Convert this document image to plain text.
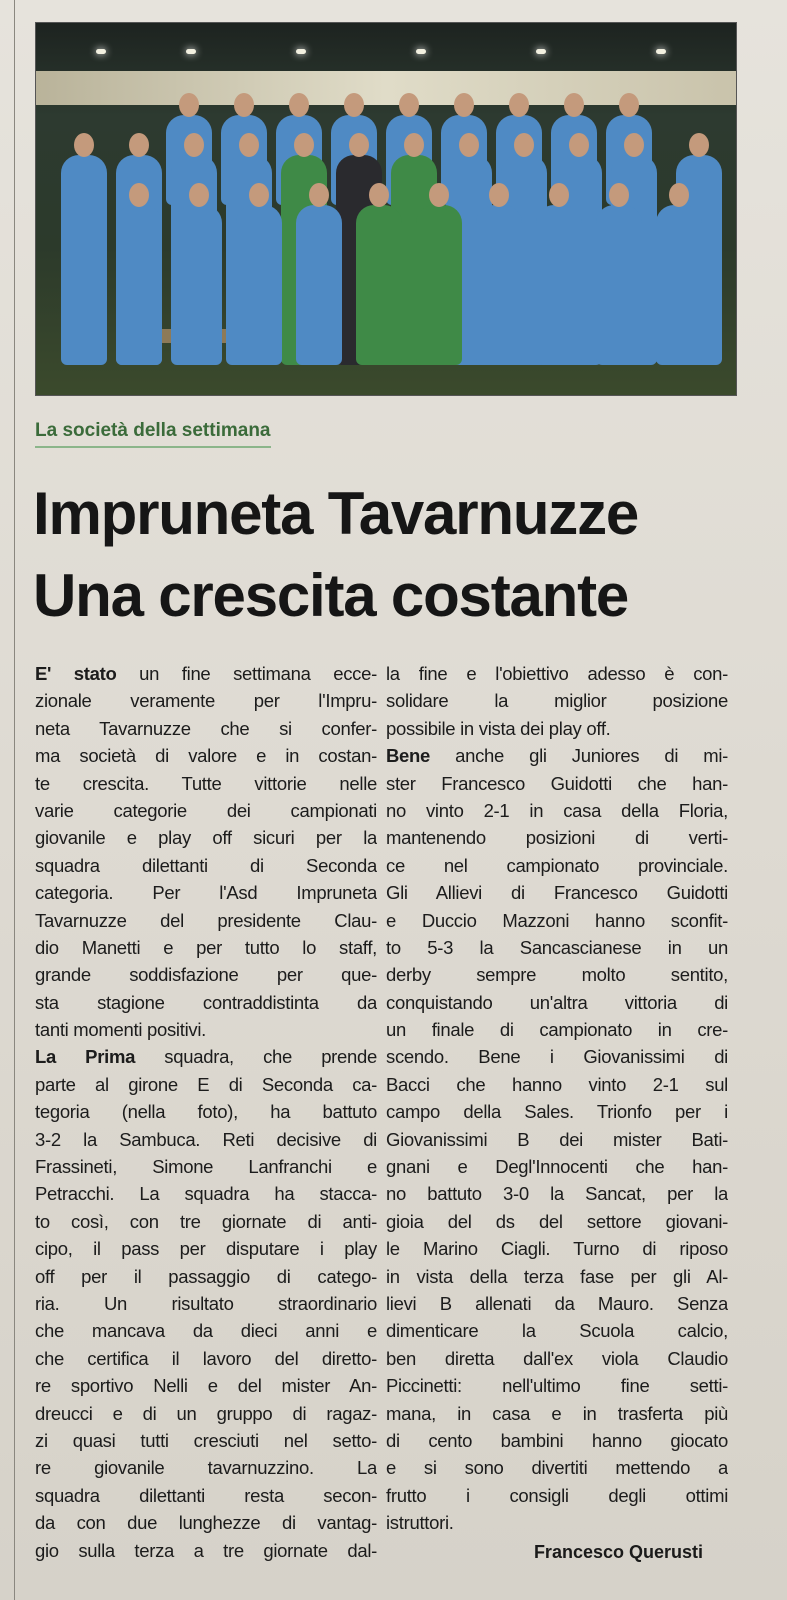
La società della settimana
Impruneta Tavarnuzze
Una crescita costante
E' stato un fine settimana ecce-
zionale veramente per l'Impru-
neta Tavarnuzze che si confer-
ma società di valore e in costan-
te crescita. Tutte vittorie nelle
varie categorie dei campionati
giovanile e play off sicuri per la
squadra dilettanti di Seconda
categoria. Per l'Asd Impruneta
Tavarnuzze del presidente Clau-
dio Manetti e per tutto lo staff,
grande soddisfazione per que-
sta stagione contraddistinta da
tanti momenti positivi.
La Prima squadra, che prende
parte al girone E di Seconda ca-
tegoria (nella foto), ha battuto
3-2 la Sambuca. Reti decisive di
Frassineti, Simone Lanfranchi e
Petracchi. La squadra ha stacca-
to così, con tre giornate di anti-
cipo, il pass per disputare i play
off per il passaggio di catego-
ria. Un risultato straordinario
che mancava da dieci anni e
che certifica il lavoro del diretto-
re sportivo Nelli e del mister An-
dreucci e di un gruppo di ragaz-
zi quasi tutti cresciuti nel setto-
re giovanile tavarnuzzino. La
squadra dilettanti resta secon-
da con due lunghezze di vantag-
gio sulla terza a tre giornate dal-
la fine e l'obiettivo adesso è con-
solidare la miglior posizione
possibile in vista dei play off.
Bene anche gli Juniores di mi-
ster Francesco Guidotti che han-
no vinto 2-1 in casa della Floria,
mantenendo posizioni di verti-
ce nel campionato provinciale.
Gli Allievi di Francesco Guidotti
e Duccio Mazzoni hanno sconfit-
to 5-3 la Sancascianese in un
derby sempre molto sentito,
conquistando un'altra vittoria di
un finale di campionato in cre-
scendo. Bene i Giovanissimi di
Bacci che hanno vinto 2-1 sul
campo della Sales. Trionfo per i
Giovanissimi B dei mister Bati-
gnani e Degl'Innocenti che han-
no battuto 3-0 la Sancat, per la
gioia del ds del settore giovani-
le Marino Ciagli. Turno di riposo
in vista della terza fase per gli Al-
lievi B allenati da Mauro. Senza
dimenticare la Scuola calcio,
ben diretta dall'ex viola Claudio
Piccinetti: nell'ultimo fine setti-
mana, in casa e in trasferta più
di cento bambini hanno giocato
e si sono divertiti mettendo a
frutto i consigli degli ottimi
istruttori.
Francesco Querusti
